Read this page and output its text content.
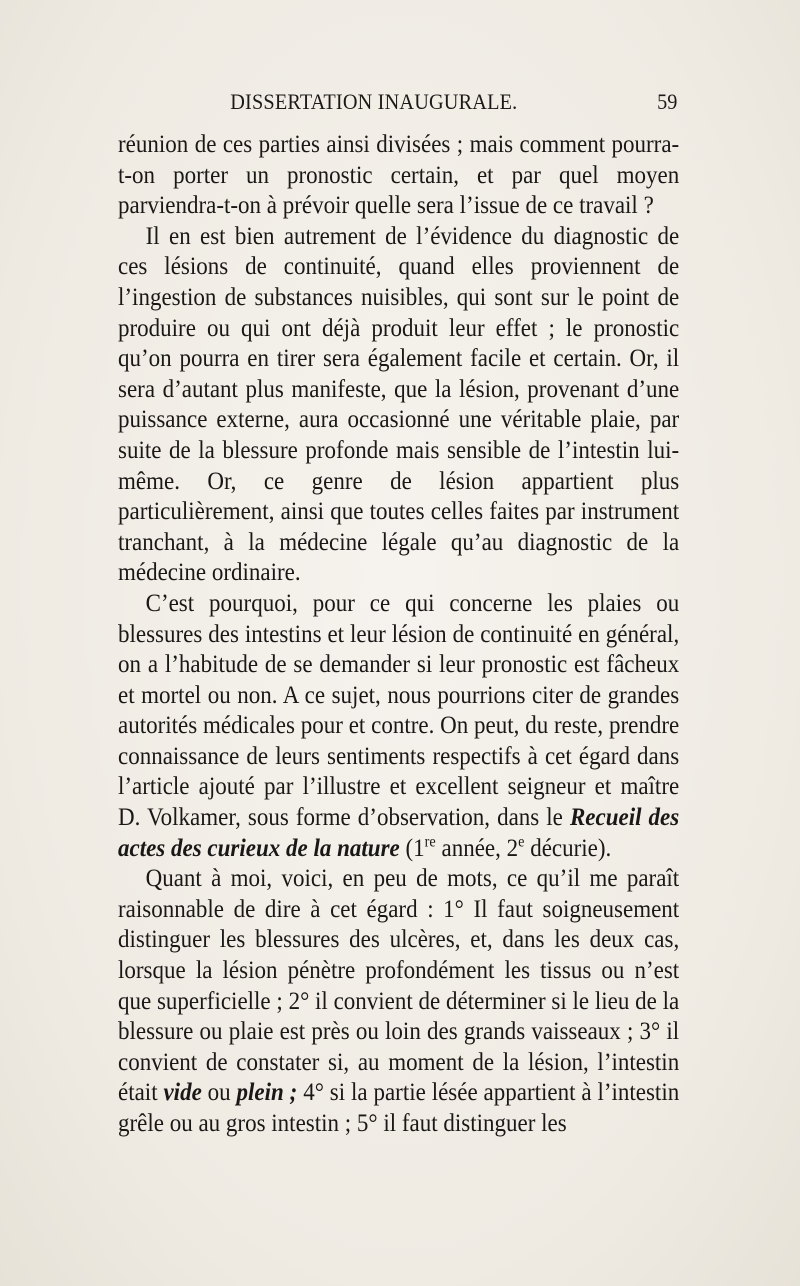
DISSERTATION INAUGURALE.	59

réunion de ces parties ainsi divisées ; mais comment pourra-t-on porter un pronostic certain, et par quel moyen parviendra-t-on à prévoir quelle sera l’issue de ce travail ?

Il en est bien autrement de l’évidence du diagnostic de ces lésions de continuité, quand elles proviennent de l’ingestion de substances nuisibles, qui sont sur le point de produire ou qui ont déjà produit leur effet ; le pronostic qu’on pourra en tirer sera également facile et certain. Or, il sera d’autant plus manifeste, que la lésion, provenant d’une puissance externe, aura occasionné une véritable plaie, par suite de la blessure profonde mais sensible de l’intestin lui-même. Or, ce genre de lésion appartient plus particulièrement, ainsi que toutes celles faites par instrument tranchant, à la médecine légale qu’au diagnostic de la médecine ordinaire.

C’est pourquoi, pour ce qui concerne les plaies ou blessures des intestins et leur lésion de continuité en général, on a l’habitude de se demander si leur pronostic est fâcheux et mortel ou non. A ce sujet, nous pourrions citer de grandes autorités médicales pour et contre. On peut, du reste, prendre connaissance de leurs sentiments respectifs à cet égard dans l’article ajouté par l’illustre et excellent seigneur et maître D. Volkamer, sous forme d’observation, dans le Recueil des actes des curieux de la nature (1re année, 2e décurie).

Quant à moi, voici, en peu de mots, ce qu’il me paraît raisonnable de dire à cet égard : 1° Il faut soigneusement distinguer les blessures des ulcères, et, dans les deux cas, lorsque la lésion pénètre profondément les tissus ou n’est que superficielle ; 2° il convient de déterminer si le lieu de la blessure ou plaie est près ou loin des grands vaisseaux ; 3° il convient de constater si, au moment de la lésion, l’intestin était vide ou plein ; 4° si la partie lésée appartient à l’intestin grêle ou au gros intestin ; 5° il faut distinguer les
